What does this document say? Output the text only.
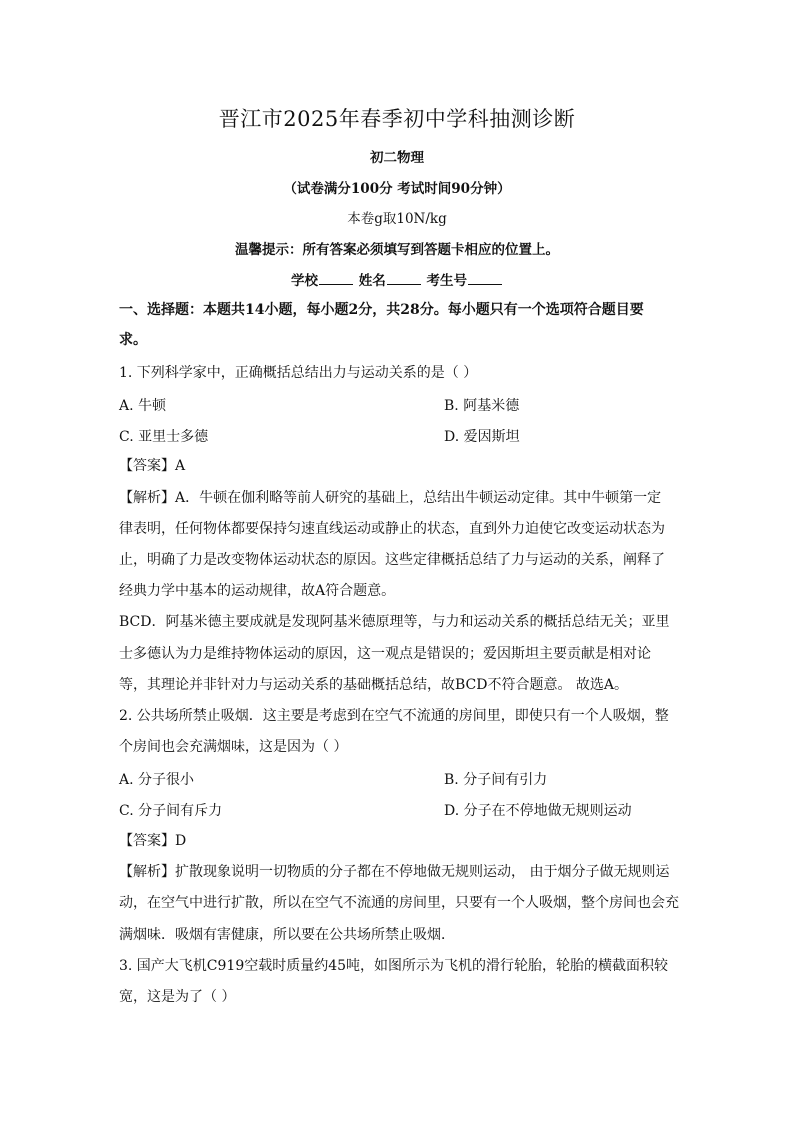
晋江市2025年春季初中学科抽测诊断
初二物理
（试卷满分100分 考试时间90分钟）
本卷g取10N/kg
温馨提示：所有答案必须填写到答题卡相应的位置上。
学校	姓名	考生号
一、选择题：本题共14小题，每小题2分，共28分。每小题只有一个选项符合题目要
求。
1. 下列科学家中，正确概括总结出力与运动关系的是（ ）
A. 牛顿	B. 阿基米德
C. 亚里士多德	D. 爱因斯坦
【答案】A
【解析】A．牛顿在伽利略等前人研究的基础上，总结出牛顿运动定律。其中牛顿第一定
律表明，任何物体都要保持匀速直线运动或静止的状态，直到外力迫使它改变运动状态为
止，明确了力是改变物体运动状态的原因。这些定律概括总结了力与运动的关系，阐释了
经典力学中基本的运动规律，故A符合题意。
BCD．阿基米德主要成就是发现阿基米德原理等，与力和运动关系的概括总结无关；亚里
士多德认为力是维持物体运动的原因，这一观点是错误的；爱因斯坦主要贡献是相对论
等，其理论并非针对力与运动关系的基础概括总结，故BCD不符合题意。 故选A。
2. 公共场所禁止吸烟．这主要是考虑到在空气不流通的房间里，即使只有一个人吸烟，整
个房间也会充满烟味，这是因为（ ）
A. 分子很小	B. 分子间有引力
C. 分子间有斥力	D. 分子在不停地做无规则运动
【答案】D
【解析】扩散现象说明一切物质的分子都在不停地做无规则运动， 由于烟分子做无规则运
动，在空气中进行扩散，所以在空气不流通的房间里，只要有一个人吸烟，整个房间也会充
满烟味．吸烟有害健康，所以要在公共场所禁止吸烟．
3. 国产大飞机C919空载时质量约45吨，如图所示为飞机的滑行轮胎，轮胎的横截面积较
宽，这是为了（ ）
